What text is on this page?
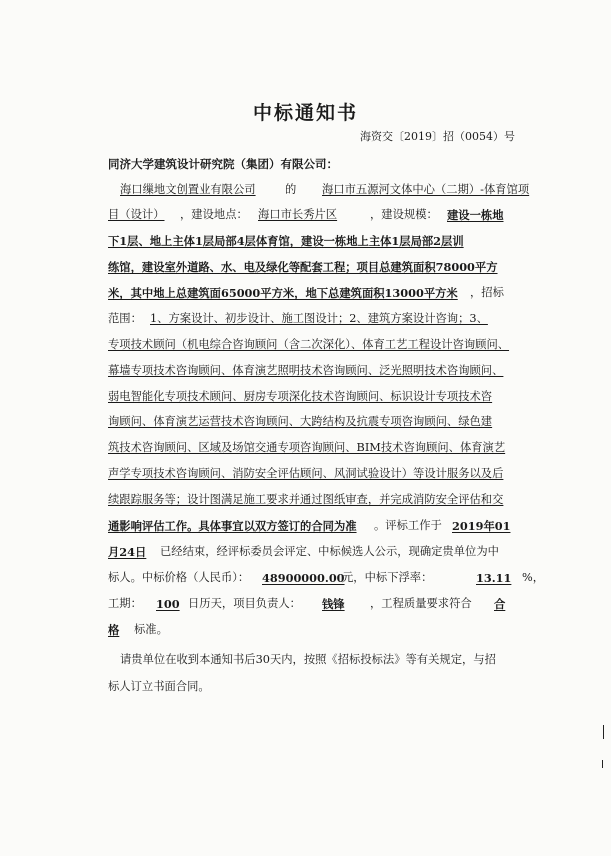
中标通知书
海资交〔2019〕招（0054）号
同济大学建筑设计研究院（集团）有限公司：
海口缫地文创置业有限公司	的 海口市五源河文体中心（二期）-体育馆项
目（设计） ，建设地点： 海口市长秀片区	，建设规模： 建设一栋地
下1层、地上主体1层局部4层体育馆，建设一栋地上主体1层局部2层训
练馆，建设室外道路、水、电及绿化等配套工程；项目总建筑面积78000平方
米，其中地上总建筑面65000平方米，地下总建筑面积13000平方米 ，招标
范围： 1、方案设计、初步设计、施工图设计；2、建筑方案设计咨询；3、
专项技术顾问（机电综合咨询顾问（含二次深化）、体育工艺工程设计咨询顾问、
幕墙专项技术咨询顾问、体育演艺照明技术咨询顾问、泛光照明技术咨询顾问、
弱电智能化专项技术顾问、厨房专项深化技术咨询顾问、标识设计专项技术咨
询顾问、体育演艺运营技术咨询顾问、大跨结构及抗震专项咨询顾问、绿色建
筑技术咨询顾问、区域及场馆交通专项咨询顾问、BIM技术咨询顾问、体育演艺
声学专项技术咨询顾问、消防安全评估顾问、风洞试验设计）等设计服务以及后
续跟踪服务等；设计图满足施工要求并通过图纸审查，并完成消防安全评估和交
通影响评估工作。具体事宜以双方签订的合同为准 。评标工作于 2019年01
月24日 已经结束，经评标委员会评定、中标候选人公示，现确定贵单位为中
标人。中标价格（人民币）： 48900000.00
元，中标下浮率：	13.11 %，
工期： 100 日历天，项目负责人： 钱锋 ，工程质量要求符合 合
格 标准。
请贵单位在收到本通知书后30天内，按照《招标投标法》等有关规定，与招
标人订立书面合同。
